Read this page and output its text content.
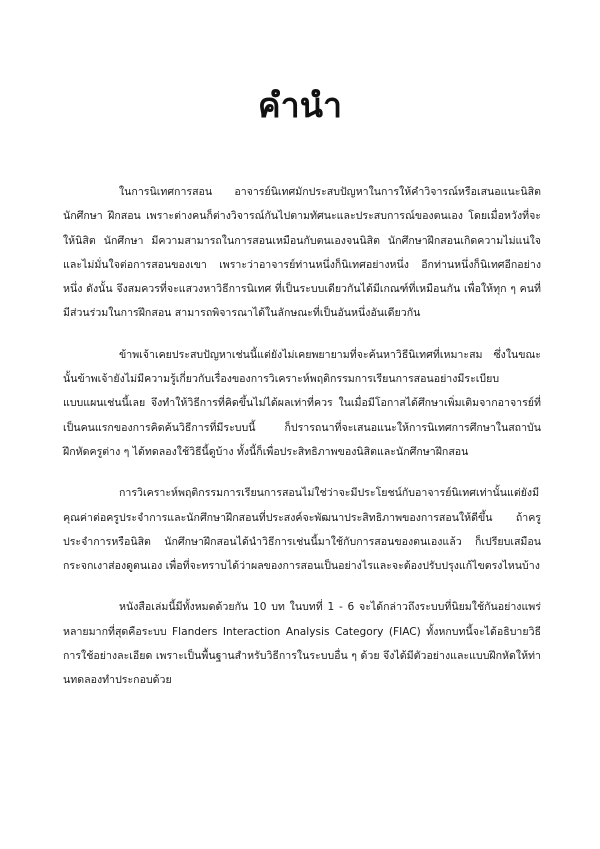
คำนำ

ในการนิเทศการสอน อาจารย์นิเทศมักประสบปัญหาในการให้คำวิจารณ์หรือเสนอแนะนิสิต นักศึกษา ฝึกสอน เพราะต่างคนก็ต่างวิจารณ์กันไปตามทัศนะและประสบการณ์ของตนเอง โดยเมื่อหวังที่จะให้นิสิต นักศึกษา มีความสามารถในการสอนเหมือนกับตนเองจนนิสิต นักศึกษาฝึกสอนเกิดความไม่แน่ใจและไม่มั่นใจต่อการสอนของเขา เพราะว่าอาจารย์ท่านหนึ่งก็นิเทศอย่างหนึ่ง อีกท่านหนึ่งก็นิเทศอีกอย่างหนึ่ง ดังนั้น จึงสมควรที่จะแสวงหาวิธีการนิเทศ ที่เป็นระบบเดียวกันได้มีเกณฑ์ที่เหมือนกัน เพื่อให้ทุก ๆ คนที่มีส่วนร่วมในการฝึกสอน สามารถพิจารณาได้ในลักษณะที่เป็นอันหนึ่งอันเดียวกัน

ข้าพเจ้าเคยประสบปัญหาเช่นนี้แต่ยังไม่เคยพยายามที่จะค้นหาวิธีนิเทศที่เหมาะสม ซึ่งในขณะนั้นข้าพเจ้ายังไม่มีความรู้เกี่ยวกับเรื่องของการวิเคราะห์พฤติกรรมการเรียนการสอนอย่างมีระเบียบ แบบแผนเช่นนี้เลย จึงทำให้วิธีการที่คิดขึ้นไม่ได้ผลเท่าที่ควร ในเมื่อมีโอกาสได้ศึกษาเพิ่มเติมจากอาจารย์ที่เป็นคนแรกของการคิดค้นวิธีการที่มีระบบนี้ ก็ปรารถนาที่จะเสนอแนะให้การนิเทศการศึกษาในสถาบันฝึกหัดครูต่าง ๆ ได้ทดลองใช้วิธีนี้ดูบ้าง ทั้งนี้ก็เพื่อประสิทธิภาพของนิสิตและนักศึกษาฝึกสอน

การวิเคราะห์พฤติกรรมการเรียนการสอนไม่ใช่ว่าจะมีประโยชน์กับอาจารย์นิเทศเท่านั้นแต่ยังมีคุณค่าต่อครูประจำการและนักศึกษาฝึกสอนที่ประสงค์จะพัฒนาประสิทธิภาพของการสอนให้ดีขึ้น ถ้าครูประจำการหรือนิสิต นักศึกษาฝึกสอนได้นำวิธีการเช่นนี้มาใช้กับการสอนของตนเองแล้ว ก็เปรียบเสมือนกระจกเงาส่องดูตนเอง เพื่อที่จะทราบได้ว่าผลของการสอนเป็นอย่างไรและจะต้องปรับปรุงแก้ไขตรงไหนบ้าง

หนังสือเล่มนี้มีทั้งหมดด้วยกัน 10 บท ในบทที่ 1 - 6 จะได้กล่าวถึงระบบที่นิยมใช้กันอย่างแพร่หลายมากที่สุดคือระบบ Flanders Interaction Analysis Category (FIAC) ทั้งหกบทนี้จะได้อธิบายวิธีการใช้อย่างละเอียด เพราะเป็นพื้นฐานสำหรับวิธีการในระบบอื่น ๆ ด้วย จึงได้มีตัวอย่างและแบบฝึกหัดให้ท่านทดลองทำประกอบด้วย
